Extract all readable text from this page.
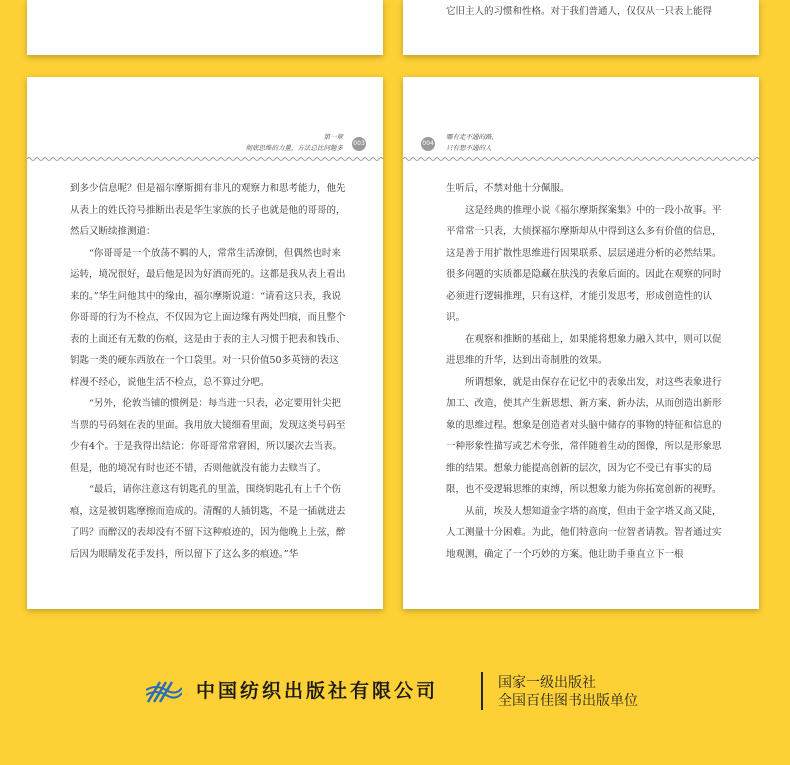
它旧主人的习惯和性格。对于我们普通人，仅仅从一只表上能得
第一章
彻底思维的力量，方法总比问题多
003

到多少信息呢？但是福尔摩斯拥有非凡的观察力和思考能力，他先从表上的姓氏符号推断出表是华生家族的长子也就是他的哥哥的，然后又断续推测道：

“你哥哥是一个放荡不羁的人，常常生活潦倒，但偶然也时来运转，境况很好，最后他是因为好酒而死的。这都是我从表上看出来的。”华生问他其中的缘由，福尔摩斯说道：“请看这只表，我说你哥哥的行为不检点，不仅因为它上面边缘有两处凹痕，而且整个表的上面还有无数的伤痕，这是由于表的主人习惯于把表和钱币、钥匙一类的硬东西放在一个口袋里。对一只价值50多英镑的表这样漫不经心，说他生活不检点，总不算过分吧。

“另外，伦敦当铺的惯例是：每当进一只表，必定要用针尖把当票的号码刻在表的里面。我用放大镜细看里面，发现这类号码至少有4个。于是我得出结论：你哥哥常常窘困，所以屡次去当表。但是，他的境况有时也还不错，否则他就没有能力去赎当了。

“最后，请你注意这有钥匙孔的里盖，围绕钥匙孔有上千个伤痕，这是被钥匙摩擦而造成的。清醒的人插钥匙，不是一插就进去了吗？而醉汉的表却没有不留下这种痕迹的，因为他晚上上弦，醉后因为眼睛发花手发抖，所以留下了这么多的痕迹。”华

004
哪有走不通的路，
只有想不通的人

生听后，不禁对他十分佩服。

这是经典的推理小说《福尔摩斯探案集》中的一段小故事。平平常常一只表，大侦探福尔摩斯却从中得到这么多有价值的信息，这是善于用扩散性思维进行因果联系、层层递进分析的必然结果。很多问题的实质都是隐藏在肤浅的表象后面的。因此在观察的同时必须进行逻辑推理，只有这样，才能引发思考，形成创造性的认识。

在观察和推断的基础上，如果能将想象力融入其中，则可以促进思维的升华，达到出奇制胜的效果。

所谓想象，就是由保存在记忆中的表象出发，对这些表象进行加工、改造，使其产生新思想、新方案、新办法，从而创造出新形象的思维过程。想象是创造者对头脑中储存的事物的特征和信息的一种形象性描写或艺术夸张，常伴随着生动的图像，所以是形象思维的结果。想象力能提高创新的层次，因为它不受已有事实的局限，也不受逻辑思维的束缚，所以想象力能为你拓宽创新的视野。

从前，埃及人想知道金字塔的高度，但由于金字塔又高又陡，人工测量十分困难。为此，他们特意向一位智者请教。智者通过实地观测，确定了一个巧妙的方案。他让助手垂直立下一根

中国纺织出版社有限公司	国家一级出版社
全国百佳图书出版单位
